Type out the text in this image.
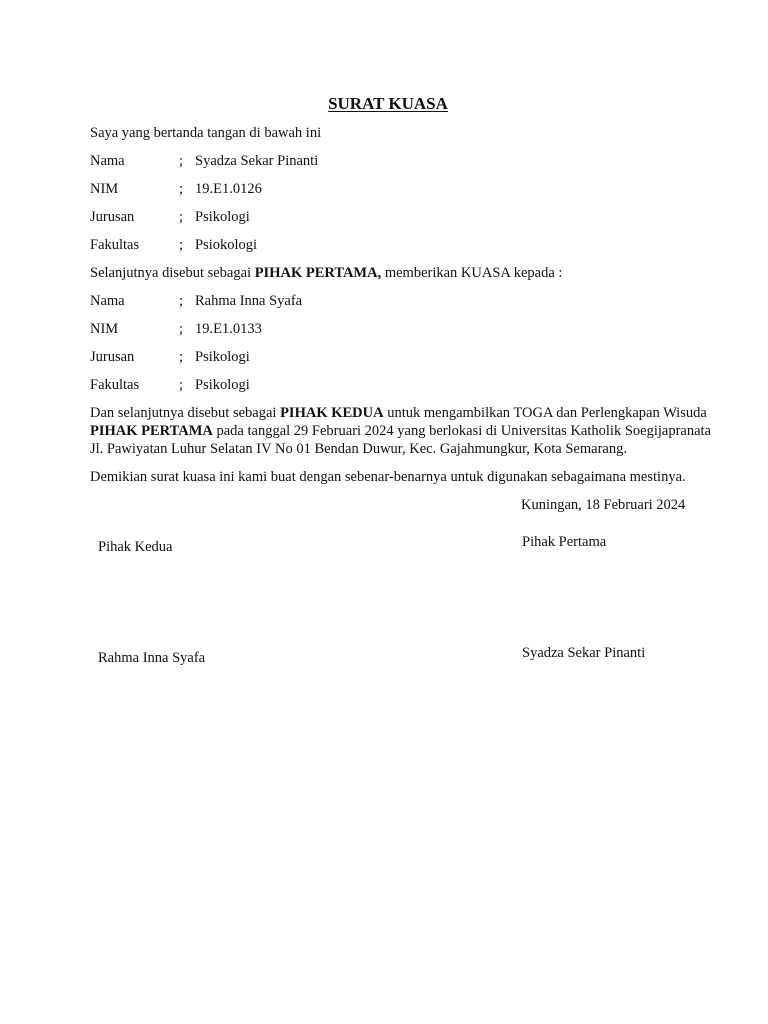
SURAT KUASA
Saya yang bertanda tangan di bawah ini
Nama	; Syadza Sekar Pinanti
NIM	; 19.E1.0126
Jurusan	; Psikologi
Fakultas	; Psiokologi
Selanjutnya disebut sebagai PIHAK PERTAMA, memberikan KUASA kepada :
Nama	; Rahma Inna Syafa
NIM	; 19.E1.0133
Jurusan	; Psikologi
Fakultas	; Psikologi
Dan selanjutnya disebut sebagai PIHAK KEDUA untuk mengambilkan TOGA dan Perlengkapan Wisuda
PIHAK PERTAMA pada tanggal 29 Februari 2024 yang berlokasi di Universitas Katholik Soegijapranata
Jl. Pawiyatan Luhur Selatan IV No 01 Bendan Duwur, Kec. Gajahmungkur, Kota Semarang.
Demikian surat kuasa ini kami buat dengan sebenar-benarnya untuk digunakan sebagaimana mestinya.
Kuningan, 18 Februari 2024
Pihak Kedua	Pihak Pertama
Rahma Inna Syafa	Syadza Sekar Pinanti
